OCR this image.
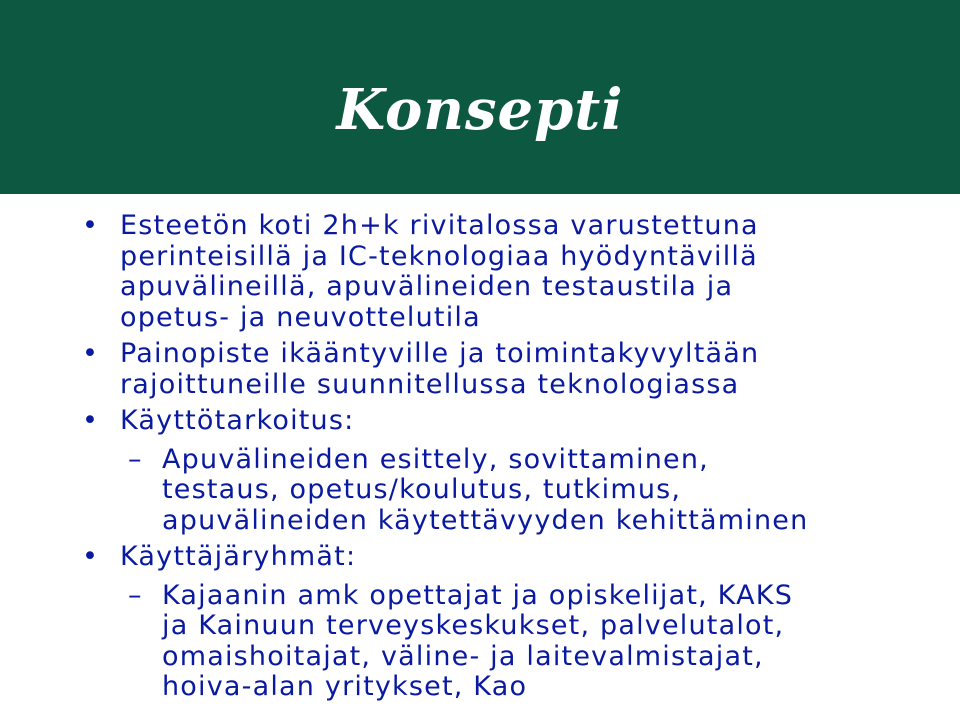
Konsepti
• Esteetön koti 2h+k rivitalossa varustettuna
perinteisillä ja IC-teknologiaa hyödyntävillä
apuvälineillä, apuvälineiden testaustila ja
opetus- ja neuvottelutila
• Painopiste ikääntyville ja toimintakyvyltään
rajoittuneille suunnitellussa teknologiassa
• Käyttötarkoitus:
– Apuvälineiden esittely, sovittaminen,
testaus, opetus/koulutus, tutkimus,
apuvälineiden käytettävyyden kehittäminen
• Käyttäjäryhmät:
– Kajaanin amk opettajat ja opiskelijat, KAKS
ja Kainuun terveyskeskukset, palvelutalot,
omaishoitajat, väline- ja laitevalmistajat,
hoiva-alan yritykset, Kao
